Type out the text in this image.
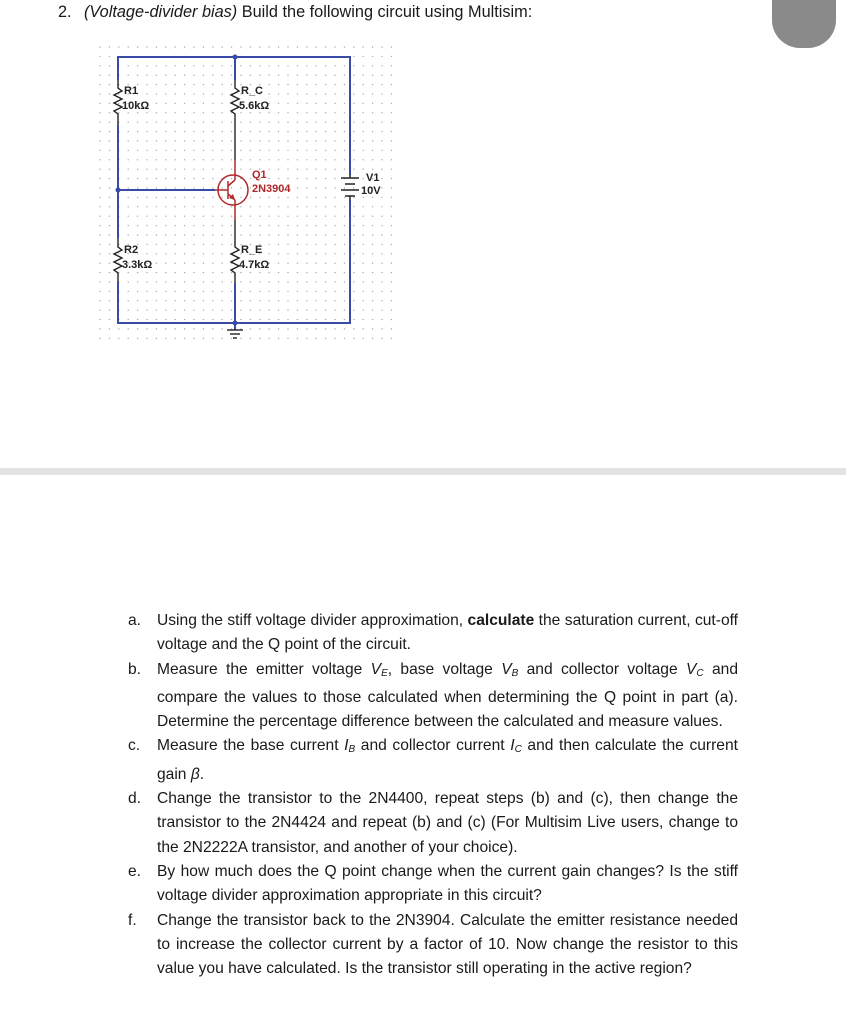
2. (Voltage-divider bias) Build the following circuit using Multisim:
R1
10kΩ
R_C
5.6kΩ
R2
3.3kΩ
R_E
4.7kΩ
V1
10V
Q1
2N3904
a.	Using the stiff voltage divider approximation, calculate the saturation current, cut-off voltage and the Q point of the circuit.
b.	Measure the emitter voltage $V_E$, base voltage $V_B$ and collector voltage $V_C$ and compare the values to those calculated when determining the Q point in part (a). Determine the percentage difference between the calculated and measure values.
c.	Measure the base current $I_B$ and collector current $I_C$ and then calculate the current gain β.
d.	Change the transistor to the 2N4400, repeat steps (b) and (c), then change the transistor to the 2N4424 and repeat (b) and (c) (For Multisim Live users, change to the 2N2222A transistor, and another of your choice).
e.	By how much does the Q point change when the current gain changes? Is the stiff voltage divider approximation appropriate in this circuit?
f.	Change the transistor back to the 2N3904. Calculate the emitter resistance needed to increase the collector current by a factor of 10. Now change the resistor to this value you have calculated. Is the transistor still operating in the active region?
